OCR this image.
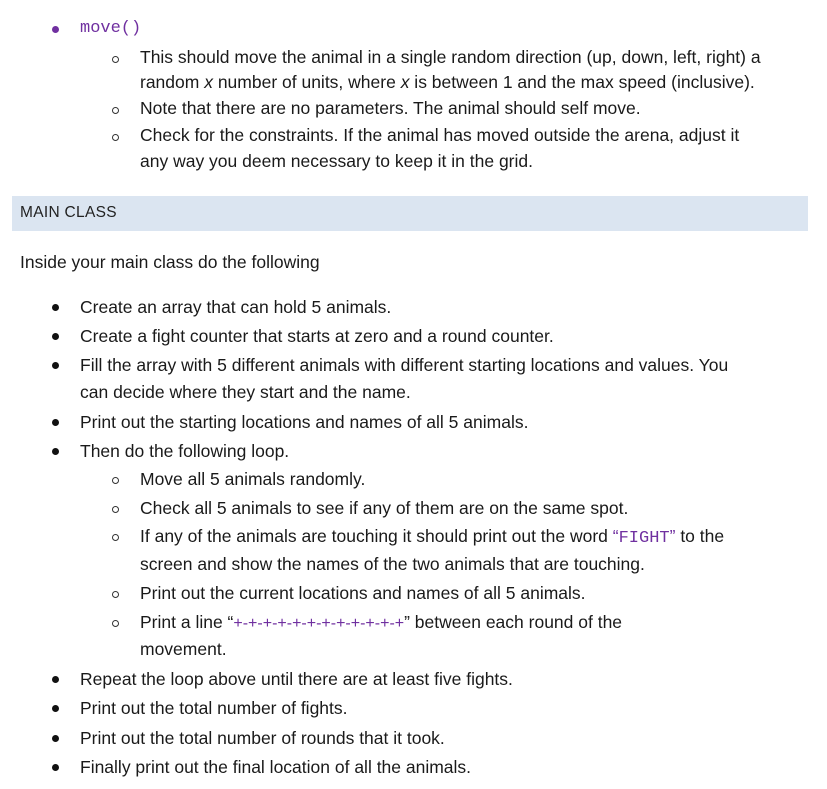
move()
This should move the animal in a single random direction (up, down, left, right) a
random x number of units, where x is between 1 and the max speed (inclusive).
Note that there are no parameters. The animal should self move.
Check for the constraints. If the animal has moved outside the arena, adjust it
any way you deem necessary to keep it in the grid.
MAIN CLASS
Inside your main class do the following
Create an array that can hold 5 animals.
Create a fight counter that starts at zero and a round counter.
Fill the array with 5 different animals with different starting locations and values. You
can decide where they start and the name.
Print out the starting locations and names of all 5 animals.
Then do the following loop.
Move all 5 animals randomly.
Check all 5 animals to see if any of them are on the same spot.
If any of the animals are touching it should print out the word “FIGHT” to the
screen and show the names of the two animals that are touching.
Print out the current locations and names of all 5 animals.
Print a line “+-+-+-+-+-+-+-+-+-+-+-+” between each round of the
movement.
Repeat the loop above until there are at least five fights.
Print out the total number of fights.
Print out the total number of rounds that it took.
Finally print out the final location of all the animals.
